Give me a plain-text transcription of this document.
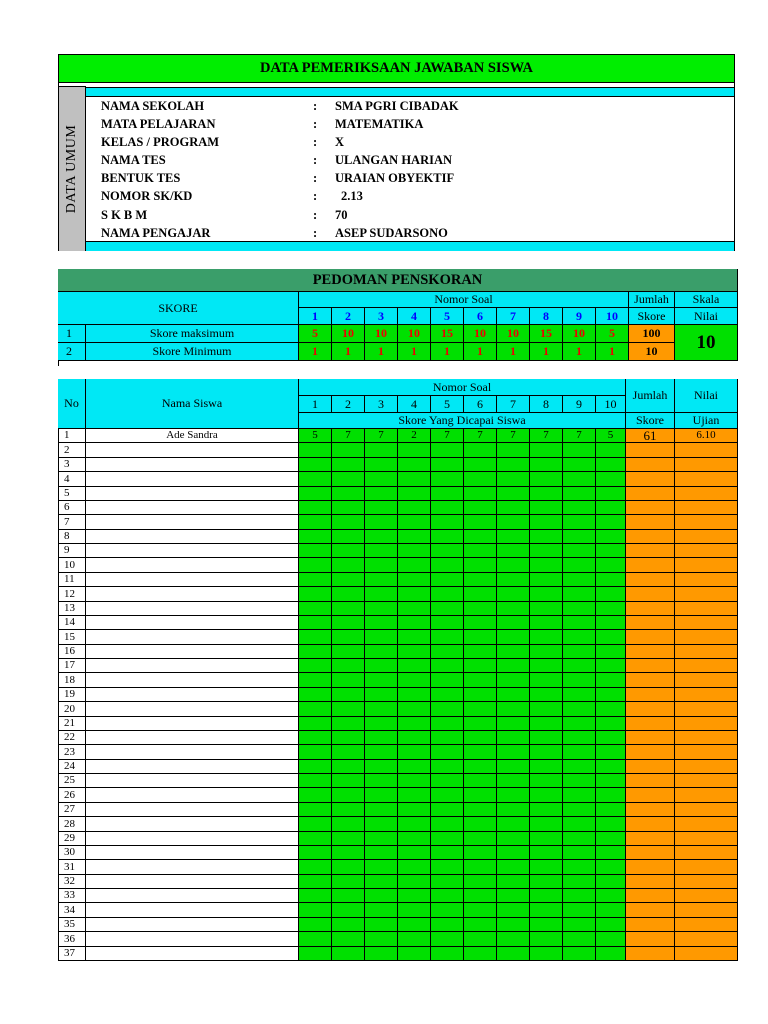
DATA PEMERIKSAAN JAWABAN SISWA
DATA UMUM
NAMA SEKOLAH	: SMA PGRI CIBADAK
MATA PELAJARAN	: MATEMATIKA
KELAS / PROGRAM	: X
NAMA TES	: ULANGAN HARIAN
BENTUK TES	: URAIAN OBYEKTIF
NOMOR SK/KD	: 2.13
S K B M	: 70
NAMA PENGAJAR	: ASEP SUDARSONO
PEDOMAN PENSKORAN
SKORE
Nomor Soal
1	2	3	4	5	6	7	8	9	10
Jumlah
Skore
Skala
Nilai
1	Skore maksimum	5	10	10	10	15	10	10	15	10	5	100
2	Skore Minimum	1	1	1	1	1	1	1	1	1	1	10	10
No	Nama Siswa
Nomor Soal
1	2	3	4	5	6	7	8	9	10
Skore Yang Dicapai Siswa
Jumlah
Skore
Nilai
Ujian
1	Ade Sandra	5	7	7	2	7	7	7	7	7	5	61	6.10
2
3
4
5
6
7
8
9
10
11
12
13
14
15
16
17
18
19
20
21
22
23
24
25
26
27
28
29
30
31
32
33
34
35
36
37
